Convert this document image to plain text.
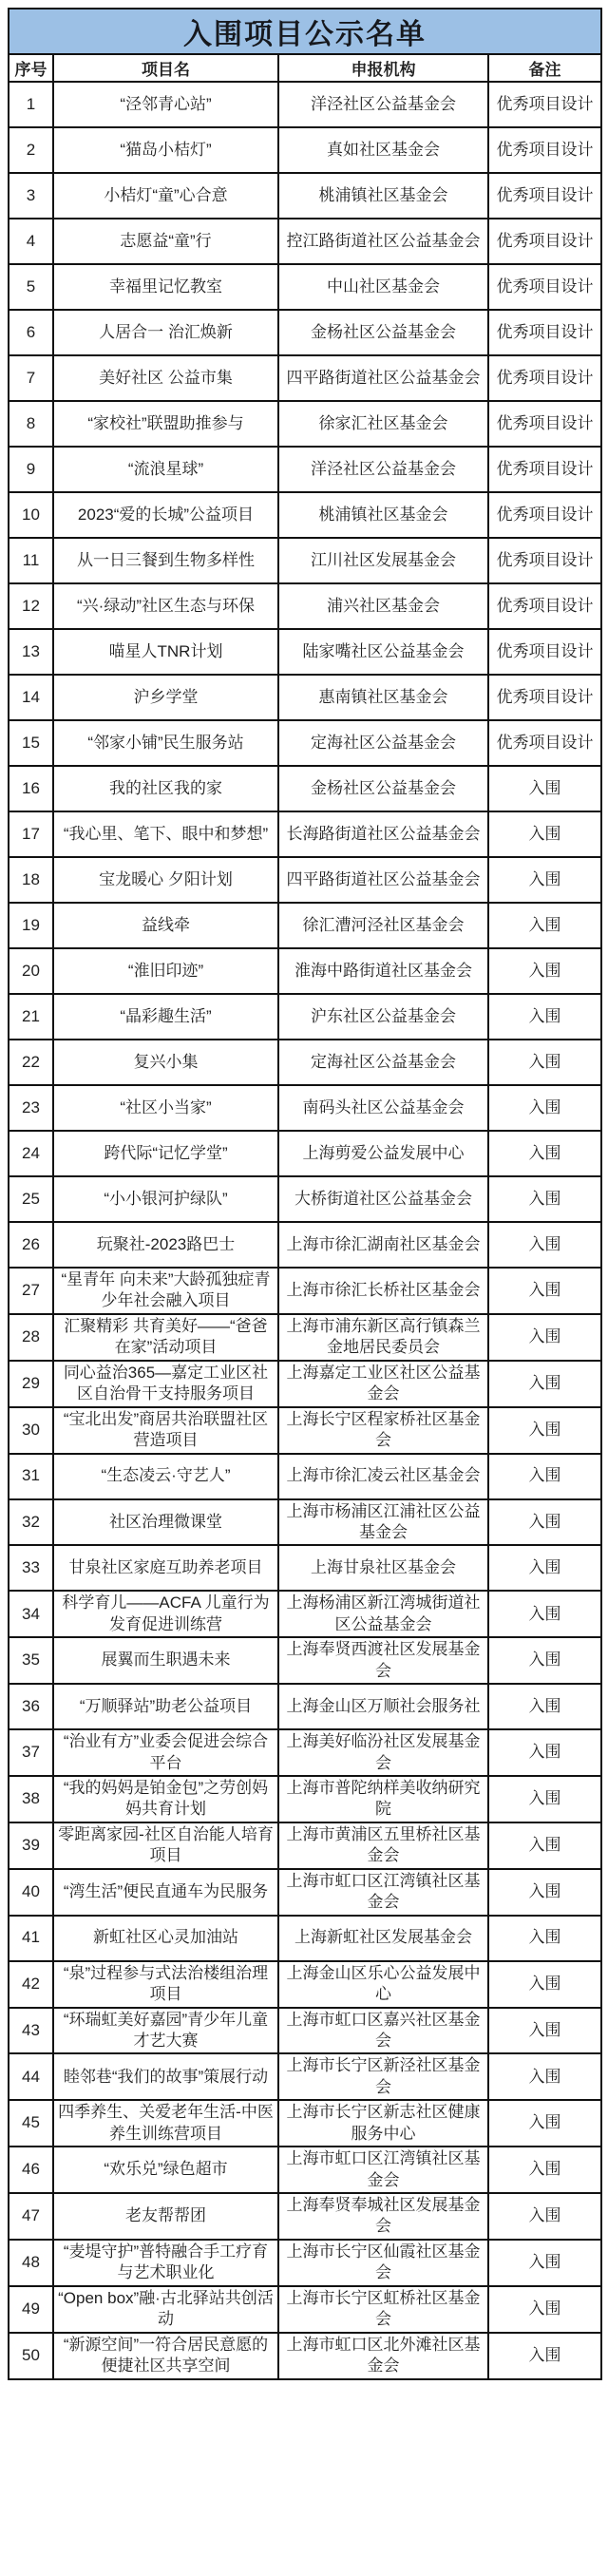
入围项目公示名单			
序号	项目名	申报机构	备注
1	“泾邻青心站”	洋泾社区公益基金会	优秀项目设计
2	“猫岛小桔灯”	真如社区基金会	优秀项目设计
3	小桔灯“童”心合意	桃浦镇社区基金会	优秀项目设计
4	志愿益“童”行	控江路街道社区公益基金会	优秀项目设计
5	幸福里记忆教室	中山社区基金会	优秀项目设计
6	人居合一 治汇焕新	金杨社区公益基金会	优秀项目设计
7	美好社区 公益市集	四平路街道社区公益基金会	优秀项目设计
8	“家校社”联盟助推参与	徐家汇社区基金会	优秀项目设计
9	“流浪星球”	洋泾社区公益基金会	优秀项目设计
10	2023“爱的长城”公益项目	桃浦镇社区基金会	优秀项目设计
11	从一日三餐到生物多样性	江川社区发展基金会	优秀项目设计
12	“兴·绿动”社区生态与环保	浦兴社区基金会	优秀项目设计
13	喵星人TNR计划	陆家嘴社区公益基金会	优秀项目设计
14	沪乡学堂	惠南镇社区基金会	优秀项目设计
15	“邻家小铺”民生服务站	定海社区公益基金会	优秀项目设计
16	我的社区我的家	金杨社区公益基金会	入围
17	“我心里、笔下、眼中和梦想”	长海路街道社区公益基金会	入围
18	宝龙暖心 夕阳计划	四平路街道社区公益基金会	入围
19	益线牵	徐汇漕河泾社区基金会	入围
20	“淮旧印迹”	淮海中路街道社区基金会	入围
21	“晶彩趣生活”	沪东社区公益基金会	入围
22	复兴小集	定海社区公益基金会	入围
23	“社区小当家”	南码头社区公益基金会	入围
24	跨代际“记忆学堂”	上海剪爱公益发展中心	入围
25	“小小银河护绿队”	大桥街道社区公益基金会	入围
26	玩聚社-2023路巴士	上海市徐汇湖南社区基金会	入围
27	“星青年 向未来”大龄孤独症青少年社会融入项目	上海市徐汇长桥社区基金会	入围
28	汇聚精彩 共育美好——“爸爸在家”活动项目	上海市浦东新区高行镇森兰金地居民委员会	入围
29	同心益治365—嘉定工业区社区自治骨干支持服务项目	上海嘉定工业区社区公益基金会	入围
30	“宝北出发”商居共治联盟社区营造项目	上海长宁区程家桥社区基金会	入围
31	“生态凌云·守艺人”	上海市徐汇凌云社区基金会	入围
32	社区治理微课堂	上海市杨浦区江浦社区公益基金会	入围
33	甘泉社区家庭互助养老项目	上海甘泉社区基金会	入围
34	科学育儿——ACFA 儿童行为发育促进训练营	上海杨浦区新江湾城街道社区公益基金会	入围
35	展翼而生职遇未来	上海奉贤西渡社区发展基金会	入围
36	“万顺驿站”助老公益项目	上海金山区万顺社会服务社	入围
37	“治业有方”业委会促进会综合平台	上海美好临汾社区发展基金会	入围
38	“我的妈妈是铂金包”之劳创妈妈共育计划	上海市普陀纳样美收纳研究院	入围
39	零距离家园-社区自治能人培育项目	上海市黄浦区五里桥社区基金会	入围
40	“湾生活”便民直通车为民服务	上海市虹口区江湾镇社区基金会	入围
41	新虹社区心灵加油站	上海新虹社区发展基金会	入围
42	“泉”过程参与式法治楼组治理项目	上海金山区乐心公益发展中心	入围
43	“环瑞虹美好嘉园”青少年儿童才艺大赛	上海市虹口区嘉兴社区基金会	入围
44	睦邻巷“我们的故事”策展行动	上海市长宁区新泾社区基金会	入围
45	四季养生、关爱老年生活-中医养生训练营项目	上海市长宁区新志社区健康服务中心	入围
46	“欢乐兑”绿色超市	上海市虹口区江湾镇社区基金会	入围
47	老友帮帮团	上海奉贤奉城社区发展基金会	入围
48	“麦堤守护”普特融合手工疗育与艺术职业化	上海市长宁区仙霞社区基金会	入围
49	“Open box”融·古北驿站共创活动	上海市长宁区虹桥社区基金会	入围
50	“新源空间”一符合居民意愿的便捷社区共享空间	上海市虹口区北外滩社区基金会	入围
